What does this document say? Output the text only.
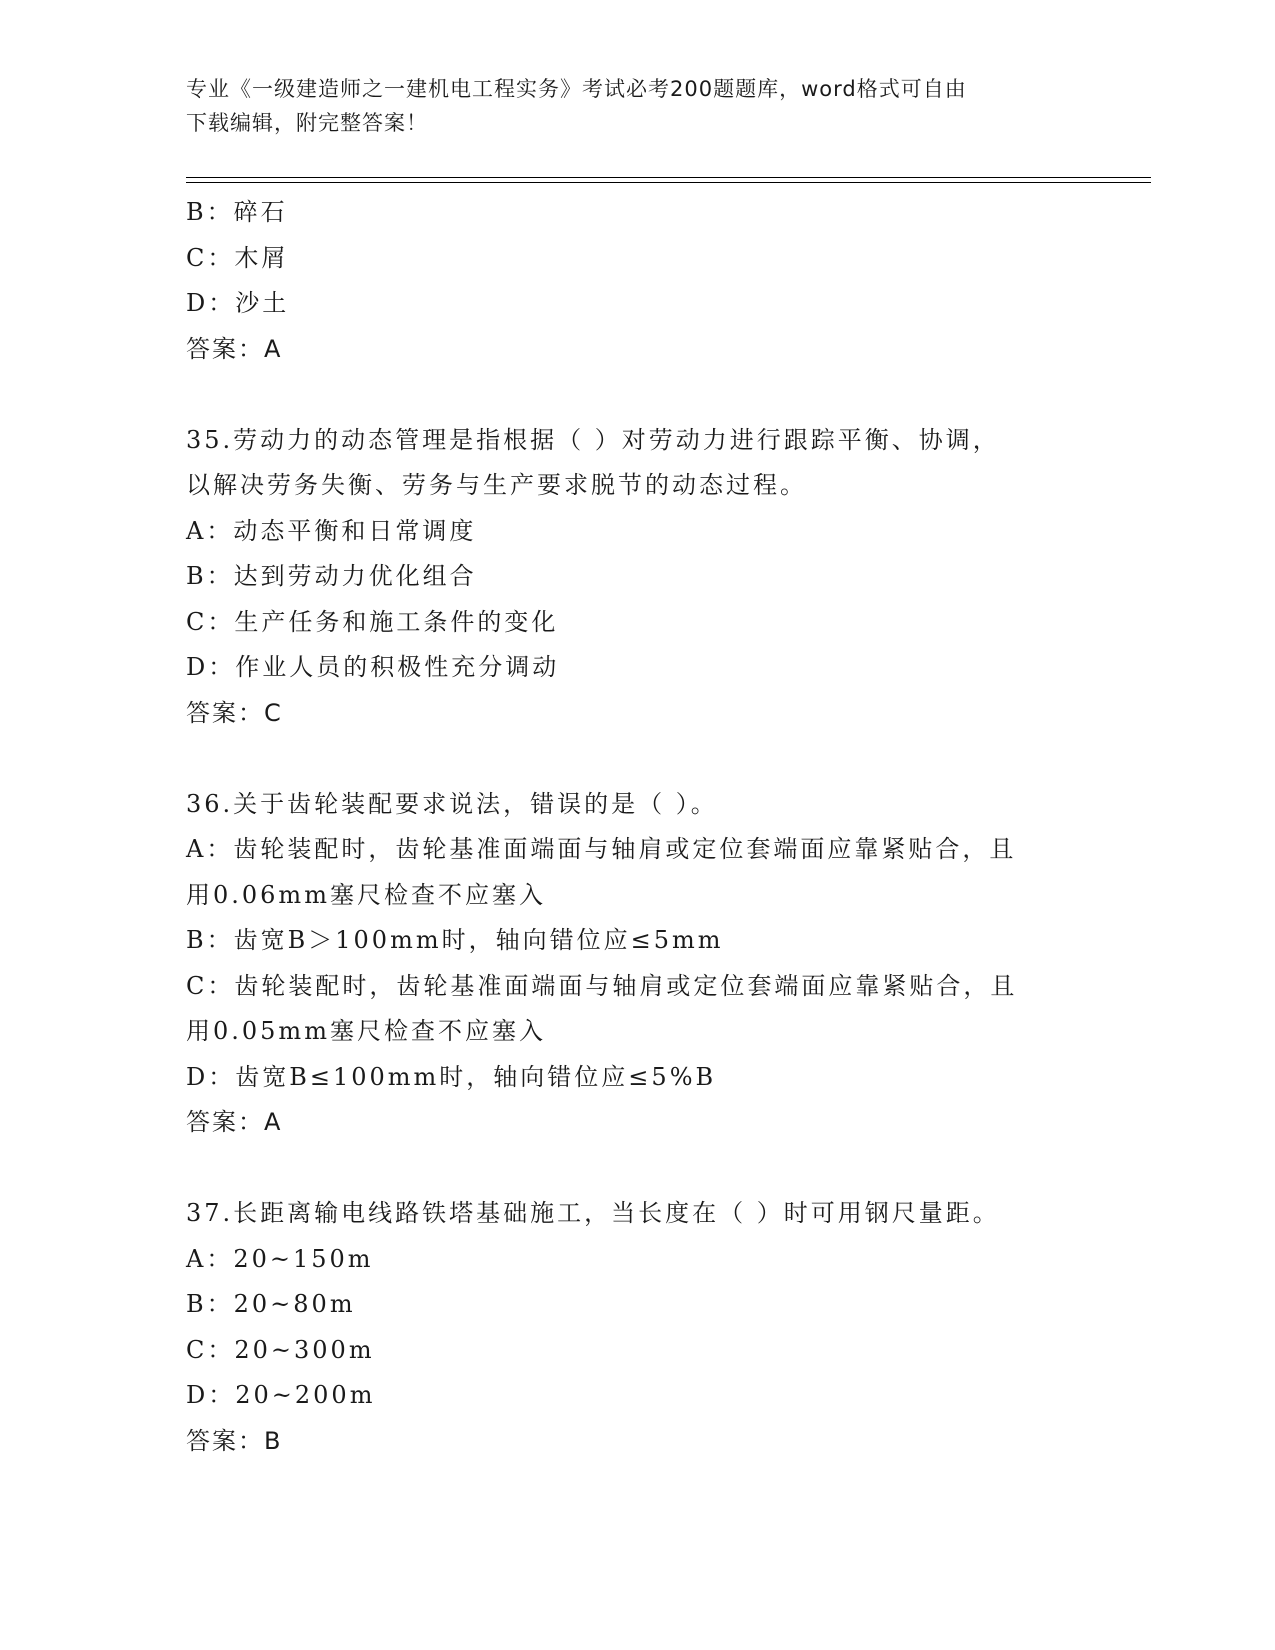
专业《一级建造师之一建机电工程实务》考试必考200题题库，word格式可自由
下载编辑，附完整答案！
B：碎石
C：木屑
D：沙土
答案：A
35.劳动力的动态管理是指根据（ ）对劳动力进行跟踪平衡、协调，
以解决劳务失衡、劳务与生产要求脱节的动态过程。
A：动态平衡和日常调度
B：达到劳动力优化组合
C：生产任务和施工条件的变化
D：作业人员的积极性充分调动
答案：C
36.关于齿轮装配要求说法，错误的是（ ）。
A：齿轮装配时，齿轮基准面端面与轴肩或定位套端面应靠紧贴合，且
用0.06mm塞尺检查不应塞入
B：齿宽B＞100mm时，轴向错位应≤5mm
C：齿轮装配时，齿轮基准面端面与轴肩或定位套端面应靠紧贴合，且
用0.05mm塞尺检查不应塞入
D：齿宽B≤100mm时，轴向错位应≤5%B
答案：A
37.长距离输电线路铁塔基础施工，当长度在（ ）时可用钢尺量距。
A：20~150m
B：20~80m
C：20~300m
D：20~200m
答案：B
